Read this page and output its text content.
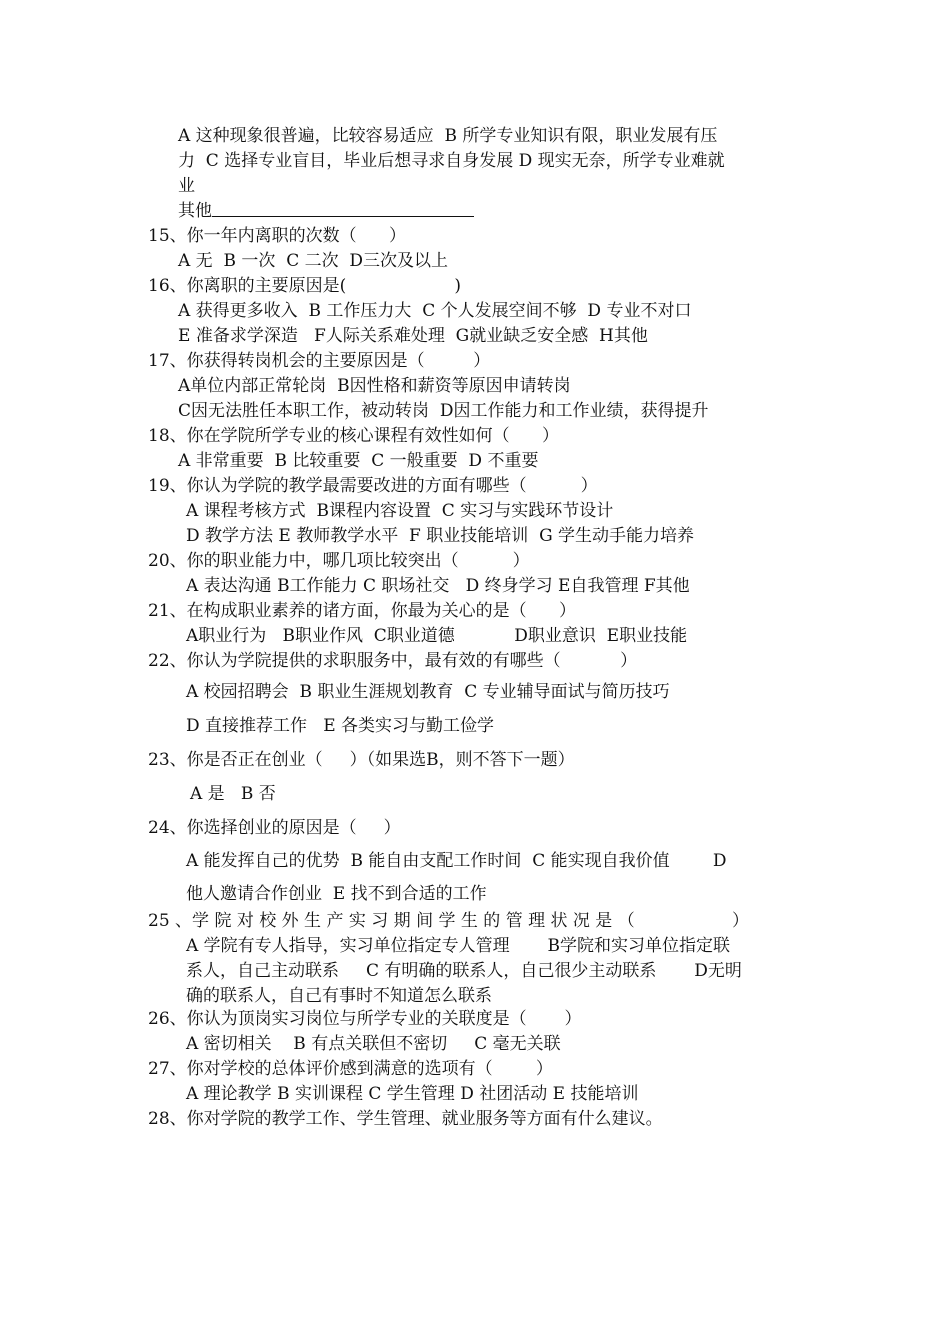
A 这种现象很普遍，比较容易适应  B 所学专业知识有限，职业发展有压
力  C 选择专业盲目，毕业后想寻求自身发展 D 现实无奈，所学专业难就
业
其他
15、你一年内离职的次数（      ）
A 无  B 一次  C 二次  D三次及以上
16、你离职的主要原因是(                    )
A 获得更多收入  B 工作压力大  C 个人发展空间不够  D 专业不对口
E 准备求学深造   F人际关系难处理  G就业缺乏安全感  H其他
17、你获得转岗机会的主要原因是（         ）
A单位内部正常轮岗  B因性格和薪资等原因申请转岗
C因无法胜任本职工作，被动转岗  D因工作能力和工作业绩，获得提升
18、你在学院所学专业的核心课程有效性如何（      ）
A 非常重要  B 比较重要  C 一般重要  D 不重要
19、你认为学院的教学最需要改进的方面有哪些（          ）
A 课程考核方式  B课程内容设置  C 实习与实践环节设计
D 教学方法 E 教师教学水平  F 职业技能培训  G 学生动手能力培养
20、你的职业能力中，哪几项比较突出（          ）
A 表达沟通 B工作能力 C 职场社交   D 终身学习 E自我管理 F其他
21、在构成职业素养的诸方面，你最为关心的是（      ）
A职业行为   B职业作风  C职业道德           D职业意识  E职业技能
22、你认为学院提供的求职服务中，最有效的有哪些（           ）
A 校园招聘会  B 职业生涯规划教育  C 专业辅导面试与简历技巧
D 直接推荐工作   E 各类实习与勤工俭学
23、你是否正在创业（     ）（如果选B，则不答下一题）
A 是   B 否
24、你选择创业的原因是（     ）
A 能发挥自己的优势  B 能自由支配工作时间  C 能实现自我价值        D
他人邀请合作创业  E 找不到合适的工作
25 、学 院 对 校 外 生 产 实 习 期 间 学 生 的 管 理 状 况 是 （                  ）
A 学院有专人指导，实习单位指定专人管理       B学院和实习单位指定联
系人，自己主动联系     C 有明确的联系人，自己很少主动联系       D无明
确的联系人，自己有事时不知道怎么联系
26、你认为顶岗实习岗位与所学专业的关联度是（       ）
A 密切相关    B 有点关联但不密切     C 毫无关联
27、你对学校的总体评价感到满意的选项有（        ）
A 理论教学 B 实训课程 C 学生管理 D 社团活动 E 技能培训
28、你对学院的教学工作、学生管理、就业服务等方面有什么建议。
